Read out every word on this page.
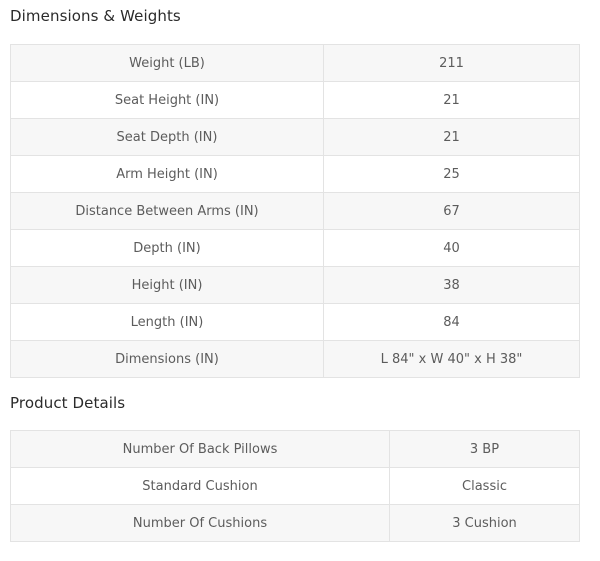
Dimensions & Weights
Weight (LB)	211
Seat Height (IN)	21
Seat Depth (IN)	21
Arm Height (IN)	25
Distance Between Arms (IN)	67
Depth (IN)	40
Height (IN)	38
Length (IN)	84
Dimensions (IN)	L 84" x W 40" x H 38"
Product Details
Number Of Back Pillows	3 BP
Standard Cushion	Classic
Number Of Cushions	3 Cushion
